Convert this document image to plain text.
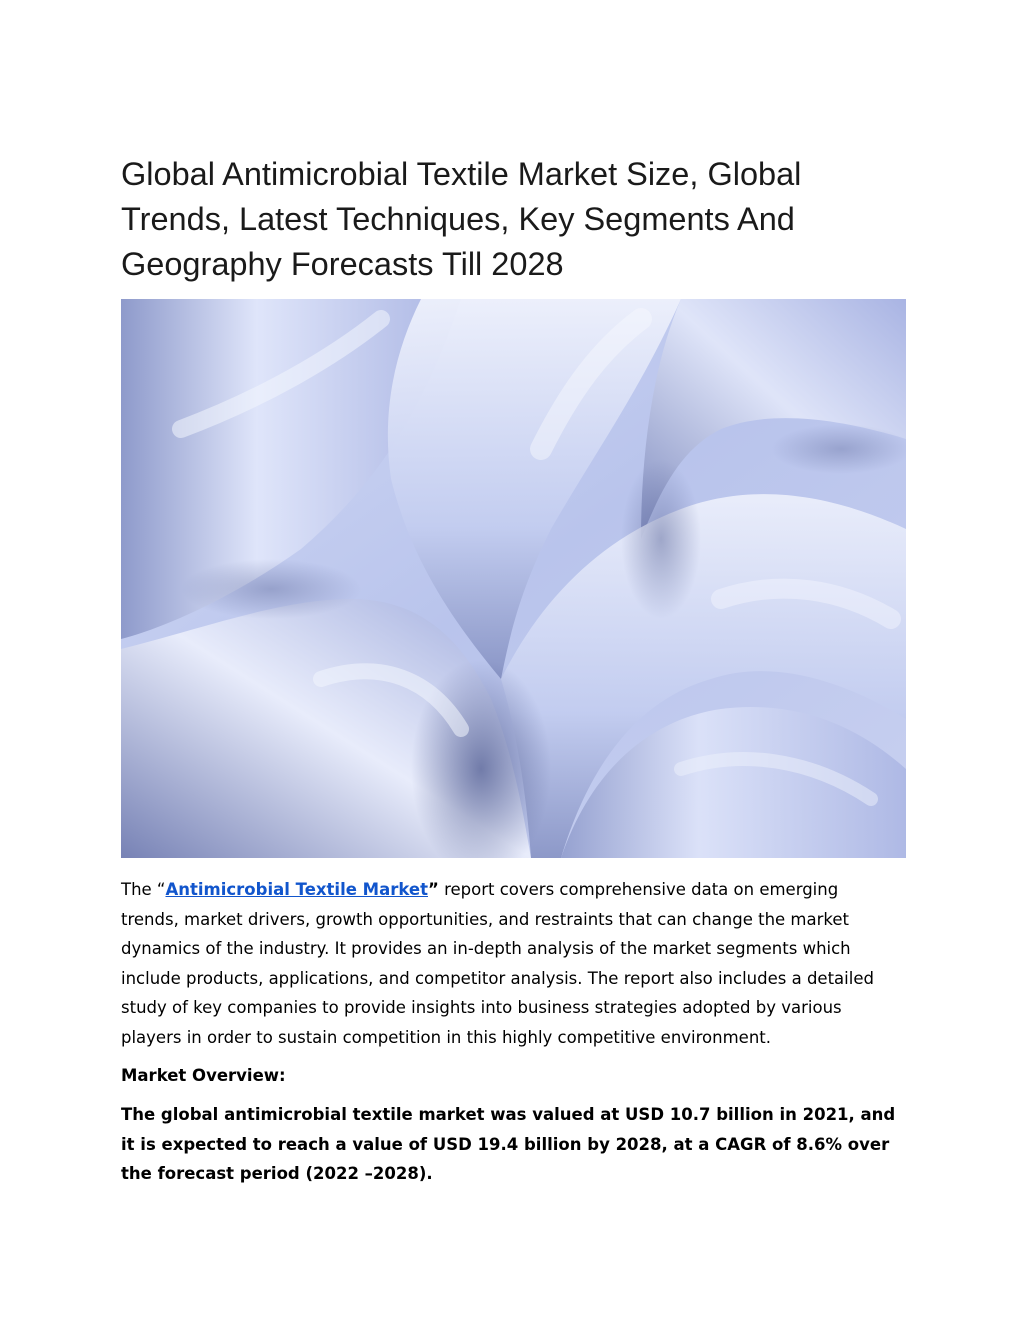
Global Antimicrobial Textile Market Size, Global Trends, Latest Techniques, Key Segments And Geography Forecasts Till 2028

The “Antimicrobial Textile Market” report covers comprehensive data on emerging trends, market drivers, growth opportunities, and restraints that can change the market dynamics of the industry. It provides an in-depth analysis of the market segments which include products, applications, and competitor analysis. The report also includes a detailed study of key companies to provide insights into business strategies adopted by various players in order to sustain competition in this highly competitive environment.

Market Overview:

The global antimicrobial textile market was valued at USD 10.7 billion in 2021, and it is expected to reach a value of USD 19.4 billion by 2028, at a CAGR of 8.6% over the forecast period (2022 –2028).
